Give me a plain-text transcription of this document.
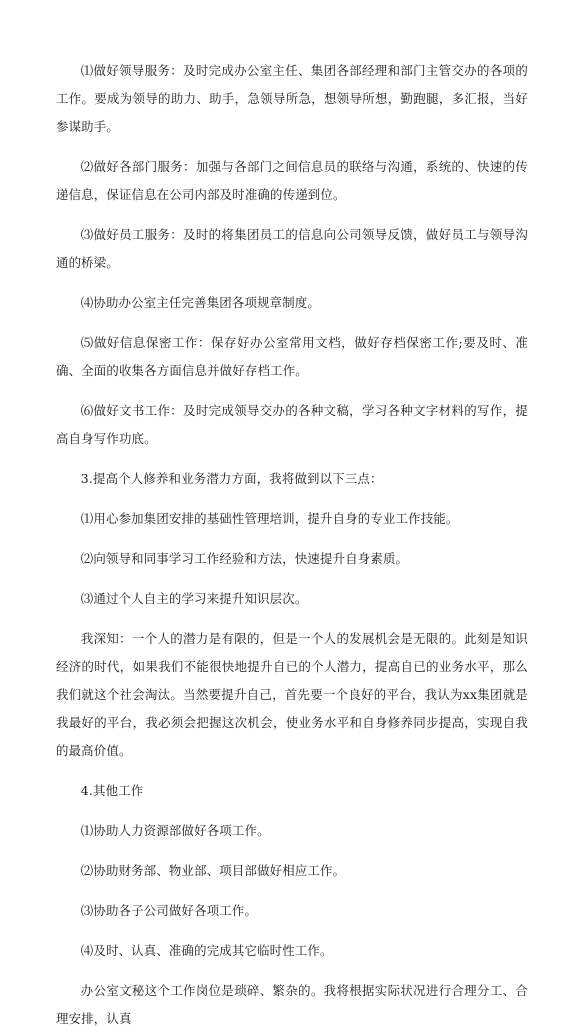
⑴做好领导服务：及时完成办公室主任、集团各部经理和部门主管交办的各项的工作。要成为领导的助力、助手，急领导所急，想领导所想，勤跑腿，多汇报，当好参谋助手。

⑵做好各部门服务：加强与各部门之间信息员的联络与沟通，系统的、快速的传递信息，保证信息在公司内部及时准确的传递到位。

⑶做好员工服务：及时的将集团员工的信息向公司领导反馈，做好员工与领导沟通的桥梁。

⑷协助办公室主任完善集团各项规章制度。

⑸做好信息保密工作：保存好办公室常用文档，做好存档保密工作;要及时、准确、全面的收集各方面信息并做好存档工作。

⑹做好文书工作：及时完成领导交办的各种文稿，学习各种文字材料的写作，提高自身写作功底。

3.提高个人修养和业务潜力方面，我将做到以下三点：

⑴用心参加集团安排的基础性管理培训，提升自身的专业工作技能。

⑵向领导和同事学习工作经验和方法，快速提升自身素质。

⑶通过个人自主的学习来提升知识层次。

我深知：一个人的潜力是有限的，但是一个人的发展机会是无限的。此刻是知识经济的时代，如果我们不能很快地提升自已的个人潜力，提高自已的业务水平，那么我们就这个社会淘汰。当然要提升自己，首先要一个良好的平台，我认为xx集团就是我最好的平台，我必须会把握这次机会，使业务水平和自身修养同步提高，实现自我的最高价值。

4.其他工作

⑴协助人力资源部做好各项工作。

⑵协助财务部、物业部、项目部做好相应工作。

⑶协助各子公司做好各项工作。

⑷及时、认真、准确的完成其它临时性工作。

办公室文秘这个工作岗位是琐碎、繁杂的。我将根据实际状况进行合理分工、合理安排，认真
